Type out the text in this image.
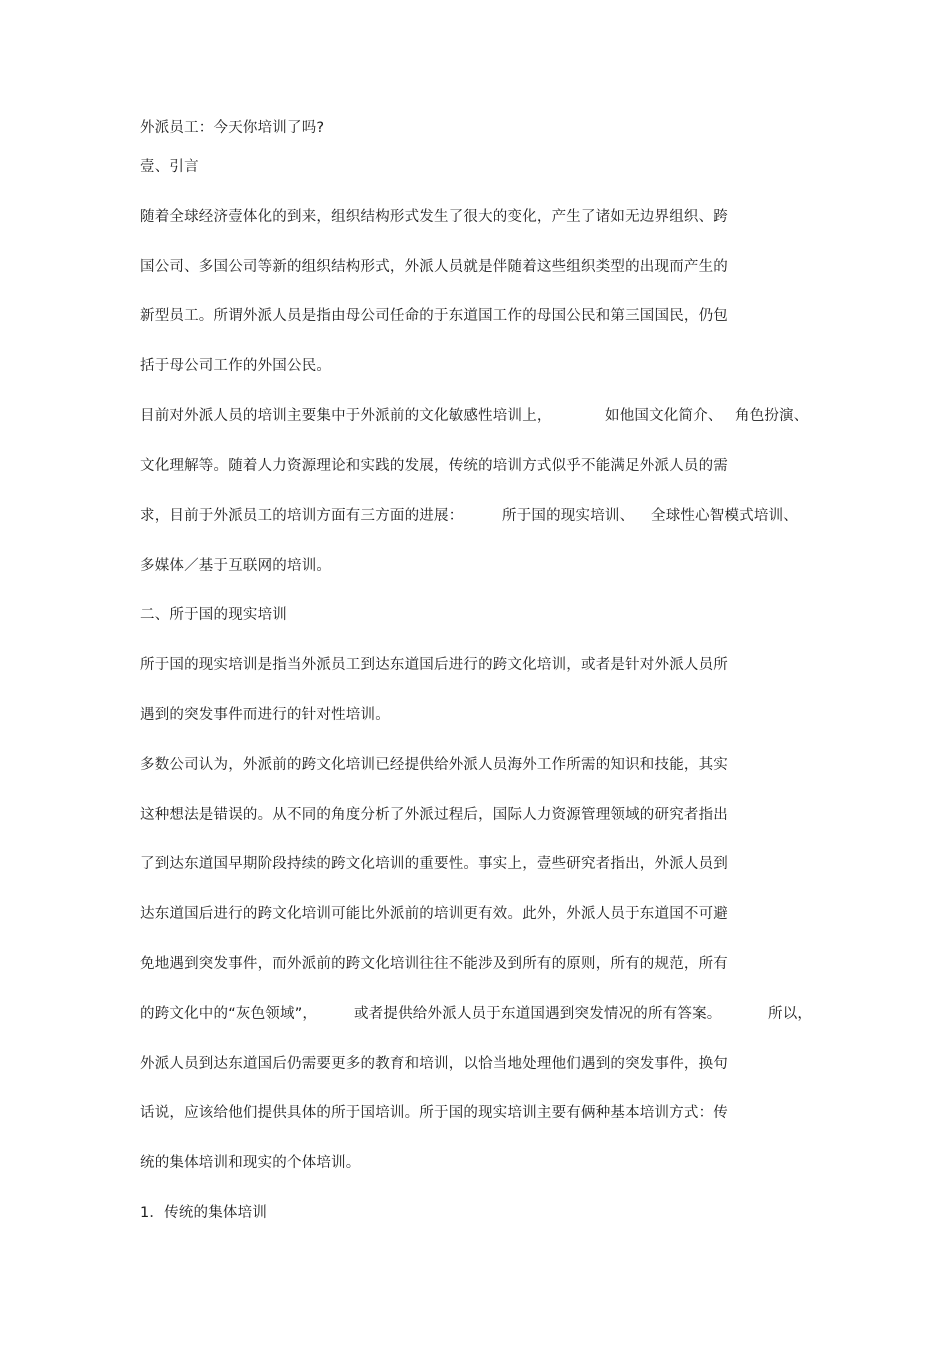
外派员工：今天你培训了吗?
壹、引言
随着全球经济壹体化的到来，组织结构形式发生了很大的变化，产生了诸如无边界组织、跨
国公司、多国公司等新的组织结构形式，外派人员就是伴随着这些组织类型的出现而产生的
新型员工。所谓外派人员是指由母公司任命的于东道国工作的母国公民和第三国国民，仍包
括于母公司工作的外国公民。
目前对外派人员的培训主要集中于外派前的文化敏感性培训上，	如他国文化简介、 角色扮演、
文化理解等。随着人力资源理论和实践的发展，传统的培训方式似乎不能满足外派人员的需
求，目前于外派员工的培训方面有三方面的进展：	所于国的现实培训、 全球性心智模式培训、
多媒体／基于互联网的培训。
二、所于国的现实培训
所于国的现实培训是指当外派员工到达东道国后进行的跨文化培训，或者是针对外派人员所
遇到的突发事件而进行的针对性培训。
多数公司认为，外派前的跨文化培训已经提供给外派人员海外工作所需的知识和技能，其实
这种想法是错误的。从不同的角度分析了外派过程后，国际人力资源管理领域的研究者指出
了到达东道国早期阶段持续的跨文化培训的重要性。事实上，壹些研究者指出，外派人员到
达东道国后进行的跨文化培训可能比外派前的培训更有效。此外，外派人员于东道国不可避
免地遇到突发事件，而外派前的跨文化培训往往不能涉及到所有的原则，所有的规范，所有
的跨文化中的“灰色领域”，	或者提供给外派人员于东道国遇到突发情况的所有答案。	所以，
外派人员到达东道国后仍需要更多的教育和培训，以恰当地处理他们遇到的突发事件，换句
话说，应该给他们提供具体的所于国培训。所于国的现实培训主要有俩种基本培训方式：传
统的集体培训和现实的个体培训。
1．传统的集体培训
